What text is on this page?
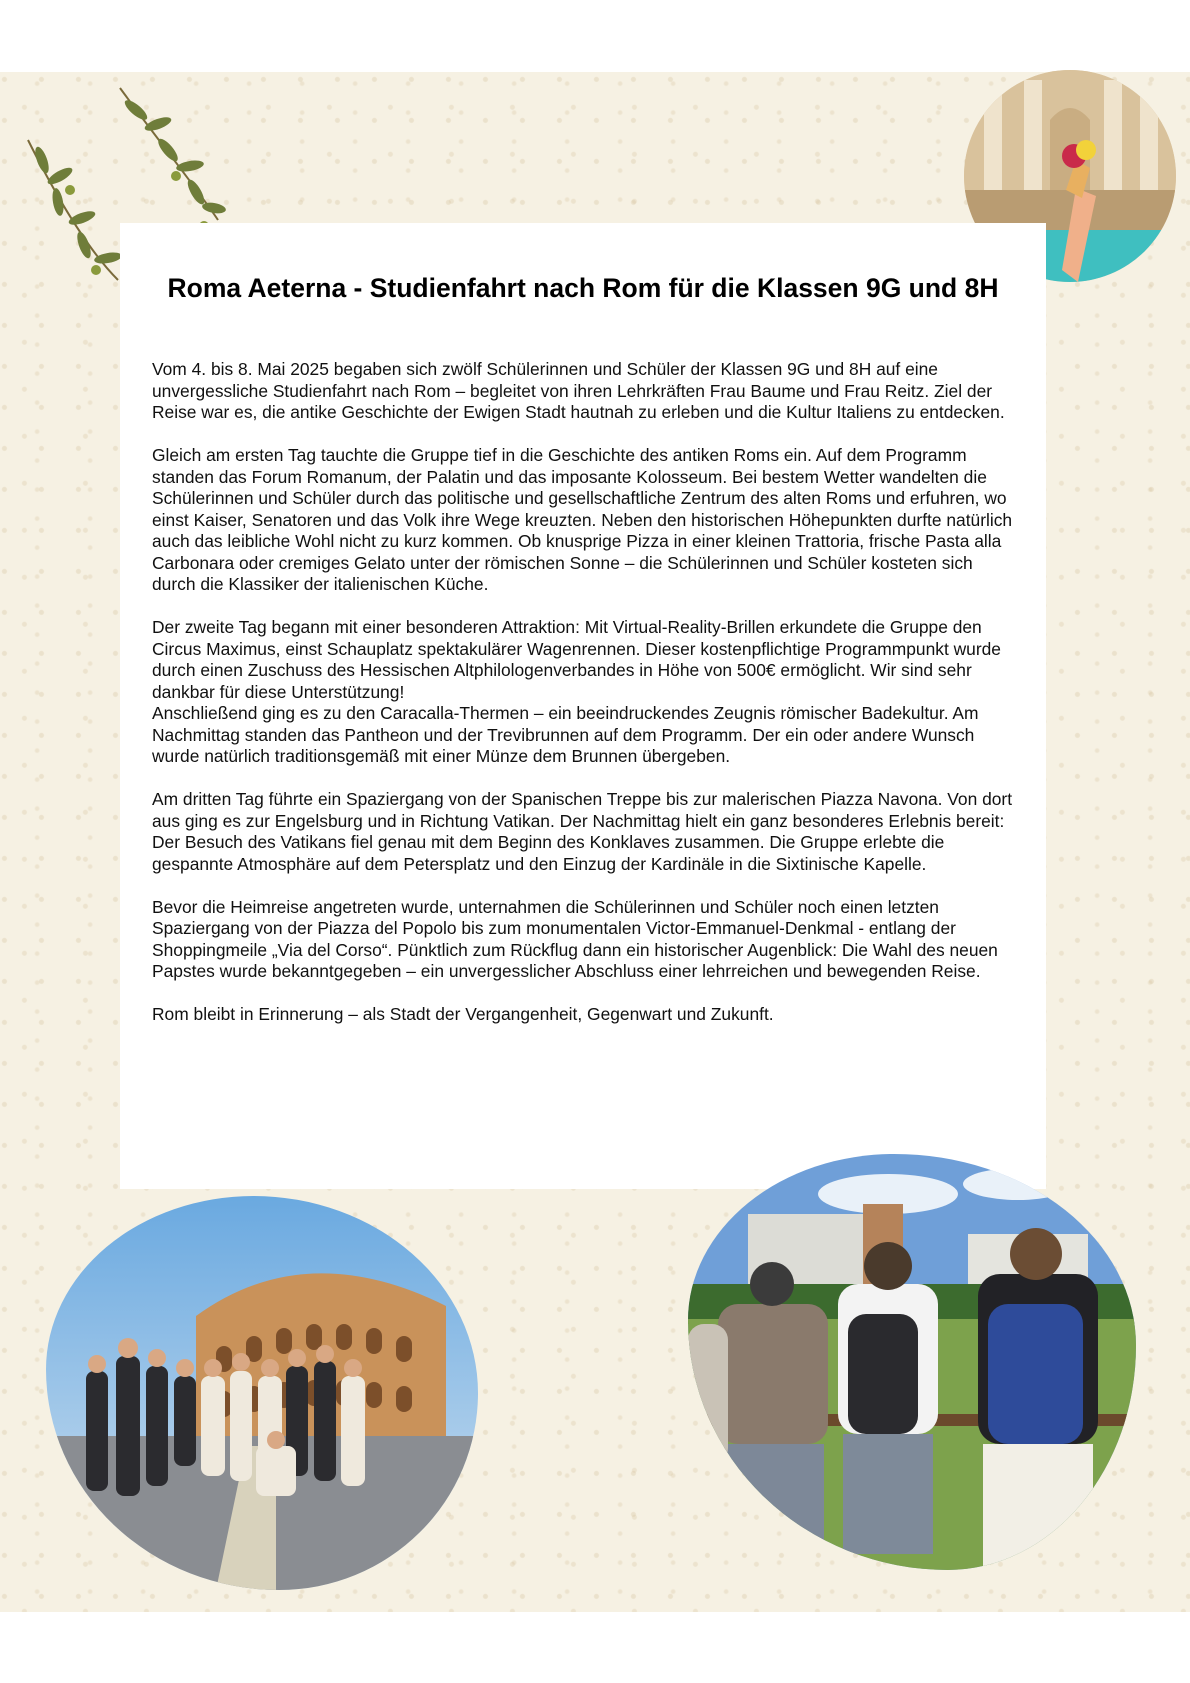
Roma Aeterna - Studienfahrt nach Rom für die Klassen 9G und 8H

Vom 4. bis 8. Mai 2025 begaben sich zwölf Schülerinnen und Schüler der Klassen 9G und 8H auf eine unvergessliche Studienfahrt nach Rom – begleitet von ihren Lehrkräften Frau Baume und Frau Reitz. Ziel der Reise war es, die antike Geschichte der Ewigen Stadt hautnah zu erleben und die Kultur Italiens zu entdecken.

Gleich am ersten Tag tauchte die Gruppe tief in die Geschichte des antiken Roms ein. Auf dem Programm standen das Forum Romanum, der Palatin und das imposante Kolosseum. Bei bestem Wetter wandelten die Schülerinnen und Schüler durch das politische und gesellschaftliche Zentrum des alten Roms und erfuhren, wo einst Kaiser, Senatoren und das Volk ihre Wege kreuzten. Neben den historischen Höhepunkten durfte natürlich auch das leibliche Wohl nicht zu kurz kommen. Ob knusprige Pizza in einer kleinen Trattoria, frische Pasta alla Carbonara oder cremiges Gelato unter der römischen Sonne – die Schülerinnen und Schüler kosteten sich durch die Klassiker der italienischen Küche.

Der zweite Tag begann mit einer besonderen Attraktion: Mit Virtual-Reality-Brillen erkundete die Gruppe den Circus Maximus, einst Schauplatz spektakulärer Wagenrennen. Dieser kostenpflichtige Programmpunkt wurde durch einen Zuschuss des Hessischen Altphilologenverbandes in Höhe von 500€ ermöglicht. Wir sind sehr dankbar für diese Unterstützung!
Anschließend ging es zu den Caracalla-Thermen – ein beeindruckendes Zeugnis römischer Badekultur. Am Nachmittag standen das Pantheon und der Trevibrunnen auf dem Programm. Der ein oder andere Wunsch wurde natürlich traditionsgemäß mit einer Münze dem Brunnen übergeben.

Am dritten Tag führte ein Spaziergang von der Spanischen Treppe bis zur malerischen Piazza Navona. Von dort aus ging es zur Engelsburg und in Richtung Vatikan. Der Nachmittag hielt ein ganz besonderes Erlebnis bereit: Der Besuch des Vatikans fiel genau mit dem Beginn des Konklaves zusammen. Die Gruppe erlebte die gespannte Atmosphäre auf dem Petersplatz und den Einzug der Kardinäle in die Sixtinische Kapelle.

Bevor die Heimreise angetreten wurde, unternahmen die Schülerinnen und Schüler noch einen letzten Spaziergang von der Piazza del Popolo bis zum monumentalen Victor-Emmanuel-Denkmal - entlang der Shoppingmeile „Via del Corso“. Pünktlich zum Rückflug dann ein historischer Augenblick: Die Wahl des neuen Papstes wurde bekanntgegeben – ein unvergesslicher Abschluss einer lehrreichen und bewegenden Reise.

Rom bleibt in Erinnerung – als Stadt der Vergangenheit, Gegenwart und Zukunft.
